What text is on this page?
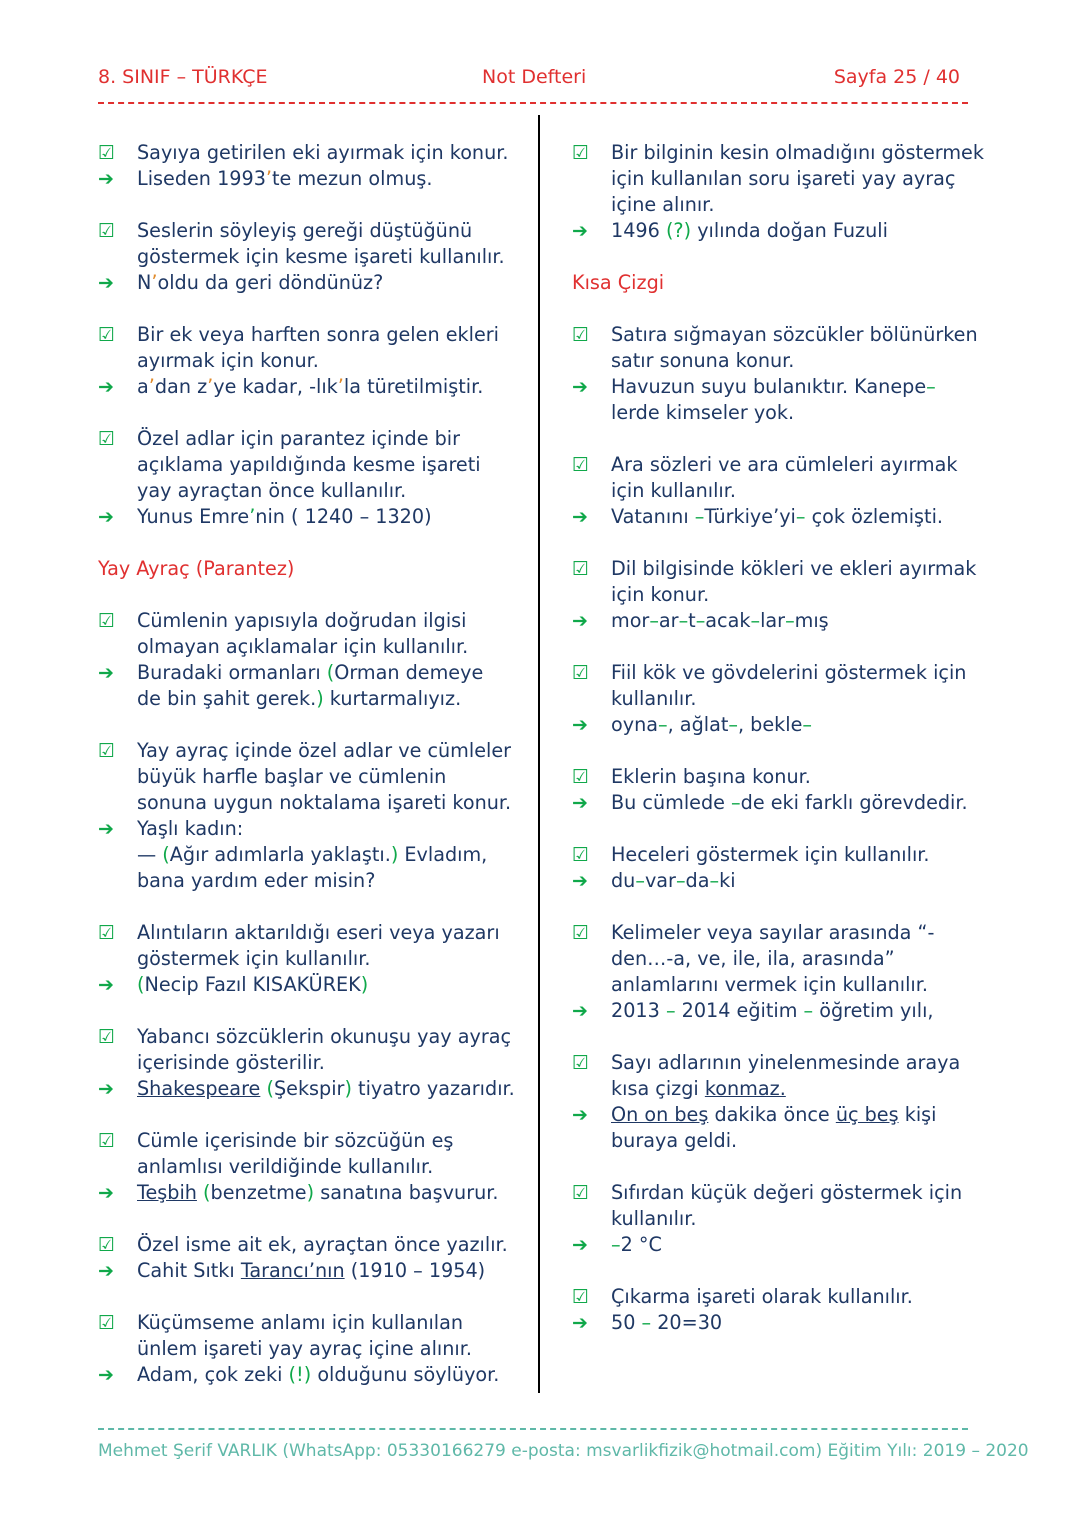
8. SINIF – TÜRKÇE	Not Defteri	Sayfa 25 / 40
☑	Sayıya getirilen eki ayırmak için konur.
➔	Liseden 1993’te mezun olmuş.
☑	Seslerin söyleyiş gereği düştüğünü
göstermek için kesme işareti kullanılır.
➔	N’oldu da geri döndünüz?
☑	Bir ek veya harften sonra gelen ekleri
ayırmak için konur.
➔	a’dan z’ye kadar, -lık’la türetilmiştir.
☑	Özel adlar için parantez içinde bir
açıklama yapıldığında kesme işareti
yay ayraçtan önce kullanılır.
➔	Yunus Emre’nin ( 1240 – 1320)
Yay Ayraç (Parantez)
☑	Cümlenin yapısıyla doğrudan ilgisi
olmayan açıklamalar için kullanılır.
➔	Buradaki ormanları (Orman demeye
de bin şahit gerek.) kurtarmalıyız.
☑	Yay ayraç içinde özel adlar ve cümleler
büyük harfle başlar ve cümlenin
sonuna uygun noktalama işareti konur.
➔	Yaşlı kadın:
— (Ağır adımlarla yaklaştı.) Evladım,
bana yardım eder misin?
☑	Alıntıların aktarıldığı eseri veya yazarı
göstermek için kullanılır.
➔	(Necip Fazıl KISAKÜREK)
☑	Yabancı sözcüklerin okunuşu yay ayraç
içerisinde gösterilir.
➔	Shakespeare (Şekspir) tiyatro yazarıdır.
☑	Cümle içerisinde bir sözcüğün eş
anlamlısı verildiğinde kullanılır.
➔	Teşbih (benzetme) sanatına başvurur.
☑	Özel isme ait ek, ayraçtan önce yazılır.
➔	Cahit Sıtkı Tarancı’nın (1910 – 1954)
☑	Küçümseme anlamı için kullanılan
ünlem işareti yay ayraç içine alınır.
➔	Adam, çok zeki (!) olduğunu söylüyor.
☑	Bir bilginin kesin olmadığını göstermek
için kullanılan soru işareti yay ayraç
içine alınır.
➔	1496 (?) yılında doğan Fuzuli
Kısa Çizgi
☑	Satıra sığmayan sözcükler bölünürken
satır sonuna konur.
➔	Havuzun suyu bulanıktır. Kanepe–
lerde kimseler yok.
☑	Ara sözleri ve ara cümleleri ayırmak
için kullanılır.
➔	Vatanını –Türkiye’yi– çok özlemişti.
☑	Dil bilgisinde kökleri ve ekleri ayırmak
için konur.
➔	mor–ar–t–acak–lar–mış
☑	Fiil kök ve gövdelerini göstermek için
kullanılır.
➔	oyna–, ağlat–, bekle–
☑	Eklerin başına konur.
➔	Bu cümlede –de eki farklı görevdedir.
☑	Heceleri göstermek için kullanılır.
➔	du–var–da–ki
☑	Kelimeler veya sayılar arasında “-
den…-a, ve, ile, ila, arasında”
anlamlarını vermek için kullanılır.
➔	2013 – 2014 eğitim – öğretim yılı,
☑	Sayı adlarının yinelenmesinde araya
kısa çizgi konmaz.
➔	On on beş dakika önce üç beş kişi
buraya geldi.
☑	Sıfırdan küçük değeri göstermek için
kullanılır.
➔	–2 °C
☑	Çıkarma işareti olarak kullanılır.
➔	50 – 20=30
Mehmet Şerif VARLIK (WhatsApp: 05330166279 e-posta: msvarlikfizik@hotmail.com) Eğitim Yılı: 2019 – 2020
